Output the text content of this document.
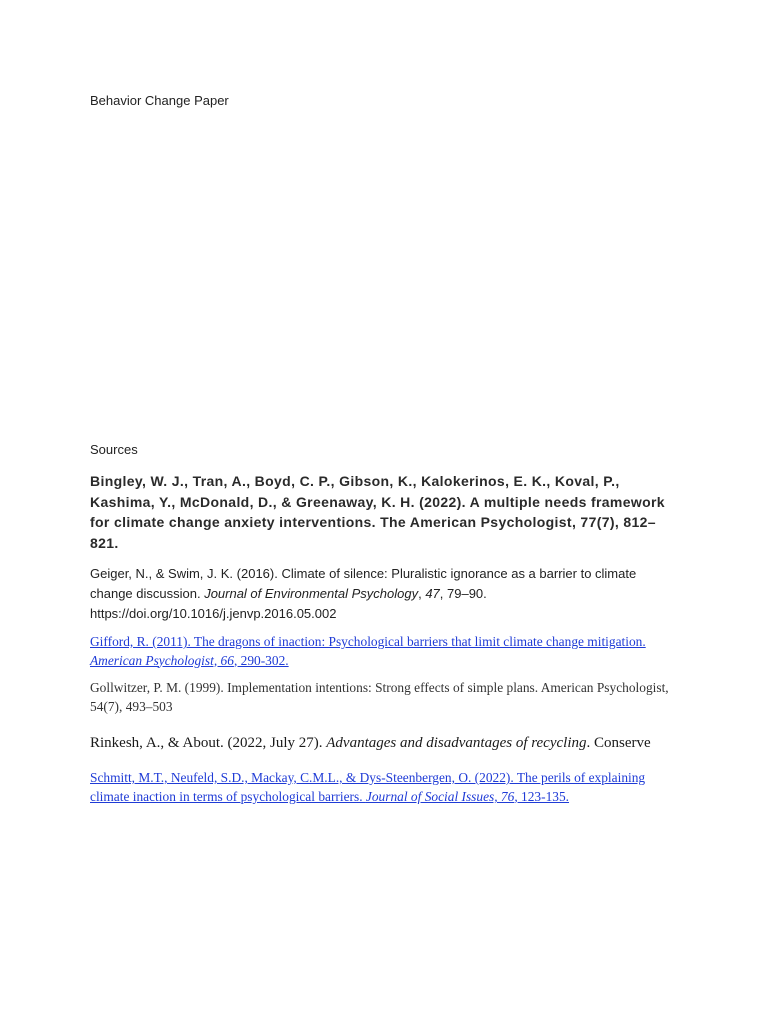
Behavior Change Paper
Sources
Bingley, W. J., Tran, A., Boyd, C. P., Gibson, K., Kalokerinos, E. K., Koval, P., Kashima, Y., McDonald, D., & Greenaway, K. H. (2022). A multiple needs framework for climate change anxiety interventions. The American Psychologist, 77(7), 812–821.
Geiger, N., & Swim, J. K. (2016). Climate of silence: Pluralistic ignorance as a barrier to climate change discussion. Journal of Environmental Psychology, 47, 79–90. https://doi.org/10.1016/j.jenvp.2016.05.002
Gifford, R. (2011). The dragons of inaction: Psychological barriers that limit climate change mitigation. American Psychologist, 66, 290-302.
Gollwitzer, P. M. (1999). Implementation intentions: Strong effects of simple plans. American Psychologist, 54(7), 493–503
Rinkesh, A., & About. (2022, July 27). Advantages and disadvantages of recycling. Conserve
Schmitt, M.T., Neufeld, S.D., Mackay, C.M.L., & Dys-Steenbergen, O. (2022). The perils of explaining climate inaction in terms of psychological barriers. Journal of Social Issues, 76, 123-135.
